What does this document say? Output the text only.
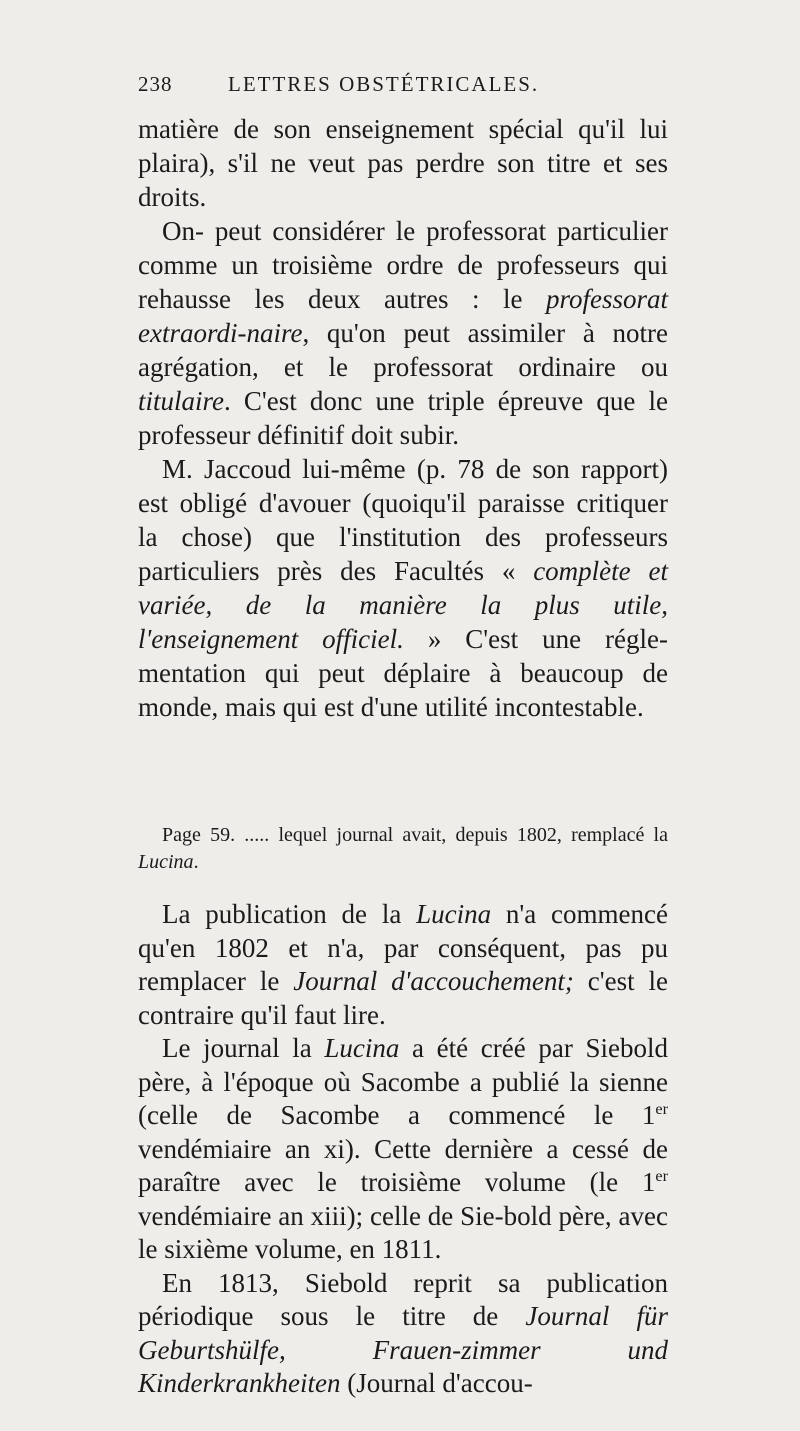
238	LETTRES OBSTÉTRICALES.

matière de son enseignement spécial qu'il lui plaira), s'il ne veut pas perdre son titre et ses droits.

On- peut considérer le professorat particulier comme un troisième ordre de professeurs qui rehausse les deux autres : le professorat extraordi-naire, qu'on peut assimiler à notre agrégation, et le professorat ordinaire ou titulaire. C'est donc une triple épreuve que le professeur définitif doit subir.

M. Jaccoud lui-même (p. 78 de son rapport) est obligé d'avouer (quoiqu'il paraisse critiquer la chose) que l'institution des professeurs particuliers près des Facultés « complète et variée, de la manière la plus utile, l'enseignement officiel. » C'est une régle-mentation qui peut déplaire à beaucoup de monde, mais qui est d'une utilité incontestable.

Page 59. ..... lequel journal avait, depuis 1802, remplacé la Lucina.

La publication de la Lucina n'a commencé qu'en 1802 et n'a, par conséquent, pas pu remplacer le Journal d'accouchement; c'est le contraire qu'il faut lire.

Le journal la Lucina a été créé par Siebold père, à l'époque où Sacombe a publié la sienne (celle de Sacombe a commencé le 1er vendémiaire an xi). Cette dernière a cessé de paraître avec le troisième volume (le 1er vendémiaire an xiii); celle de Sie-bold père, avec le sixième volume, en 1811.

En 1813, Siebold reprit sa publication périodique sous le titre de Journal für Geburtshülfe, Frauen-zimmer und Kinderkrankheiten (Journal d'accou-
